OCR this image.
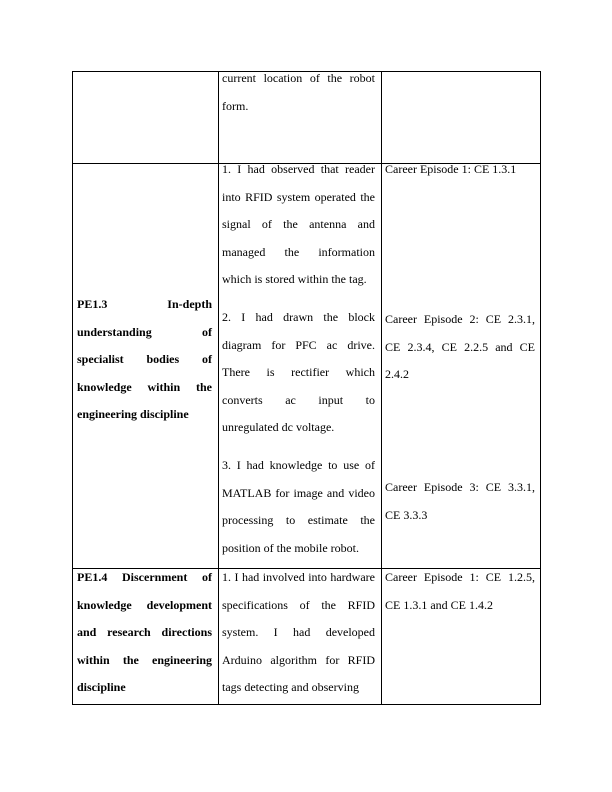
current location of the robot
form.
PE1.3 In-depth
understanding of
specialist bodies of
knowledge within the
engineering discipline
1. I had observed that reader
into RFID system operated the
signal of the antenna and
managed the information
which is stored within the tag.
2. I had drawn the block
diagram for PFC ac drive.
There is rectifier which
converts ac input to
unregulated dc voltage.
3. I had knowledge to use of
MATLAB for image and video
processing to estimate the
position of the mobile robot.
Career Episode 1: CE 1.3.1
Career Episode 2: CE 2.3.1,
CE 2.3.4, CE 2.2.5 and CE
2.4.2
Career Episode 3: CE 3.3.1,
CE 3.3.3
PE1.4 Discernment of
knowledge development
and research directions
within the engineering
discipline
1. I had involved into hardware
specifications of the RFID
system. I had developed
Arduino algorithm for RFID
tags detecting and observing
Career Episode 1: CE 1.2.5,
CE 1.3.1 and CE 1.4.2
